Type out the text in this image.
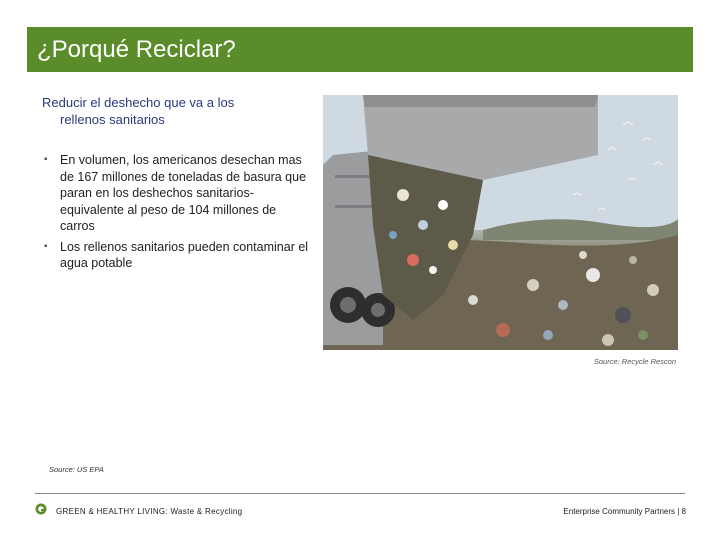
¿Porqué Reciclar?
Reducir el deshecho que va a los
rellenos sanitarios
▪ En volumen, los americanos desechan mas de 167 millones de toneladas de basura que paran en los deshechos sanitarios- equivalente al peso de 104 millones de carros
▪ Los rellenos sanitarios pueden contaminar el agua potable
Source: Recycle Rescon
Source: US EPA
GREEN & HEALTHY LIVING: Waste & Recycling	Enterprise Community Partners | 8
